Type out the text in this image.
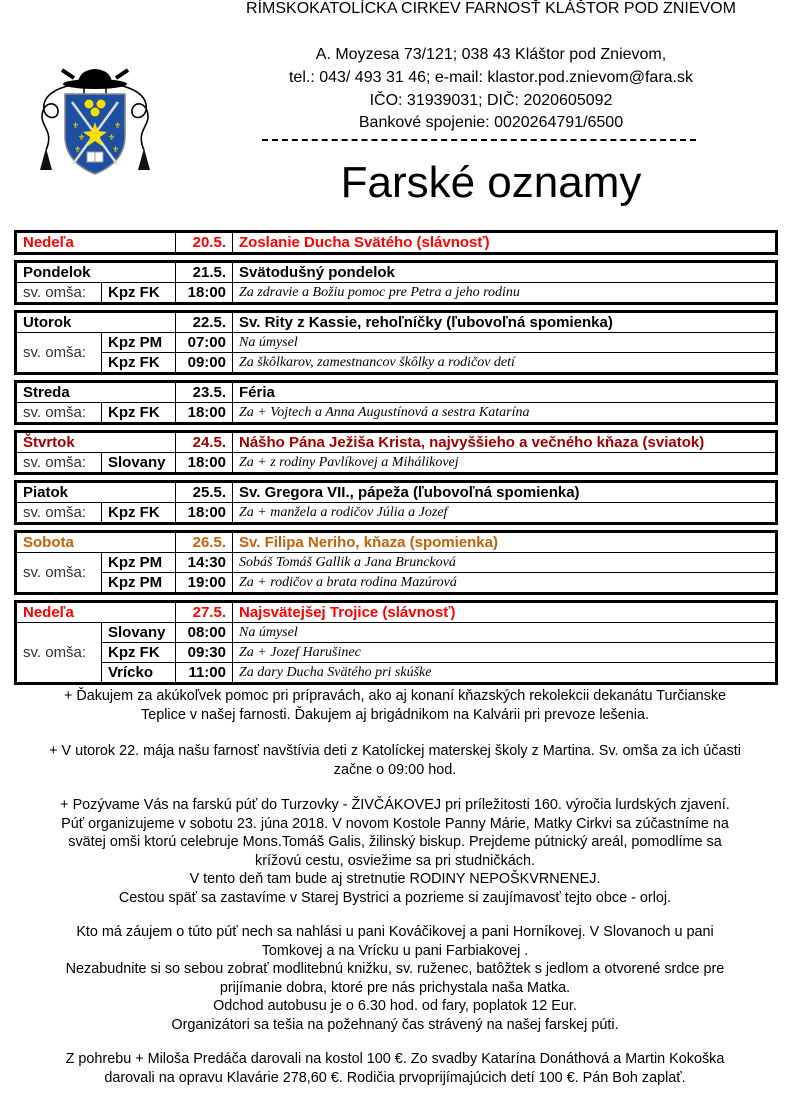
⚜	⚜
⚜	⚜
⚜	⚜
RÍMSKOKATOLÍCKA CIRKEV FARNOSŤ KLÁŠTOR POD ZNIEVOM
A. Moyzesa 73/121; 038 43 Kláštor pod Znievom,
tel.: 043/ 493 31 46; e-mail: klastor.pod.znievom@fara.sk
IČO: 31939031; DIČ: 2020605092
Bankové spojenie: 0020264791/6500
Farské oznamy
Nedeľa	20.5.	Zoslanie Ducha Svätého (slávnosť)
Pondelok		21.5.	Svätodušný pondelok
sv. omša:	Kpz FK	18:00	Za zdravie a Božiu pomoc pre Petra a jeho rodinu
Utorok		22.5.	Sv. Rity z Kassie, rehoľníčky (ľubovoľná spomienka)
sv. omša:	Kpz PM	07:00	Na úmysel
	Kpz FK	09:00	Za škôlkarov, zamestnancov škôlky a rodičov detí
Streda		23.5.	Féria
sv. omša:	Kpz FK	18:00	Za + Vojtech a Anna Augustínová a sestra Katarína
Štvrtok		24.5.	Nášho Pána Ježiša Krista, najvyššieho a večného kňaza (sviatok)
sv. omša:	Slovany	18:00	Za + z rodiny Pavlíkovej a Mihálikovej
Piatok		25.5.	Sv. Gregora VII., pápeža (ľubovoľná spomienka)
sv. omša:	Kpz FK	18:00	Za + manžela a rodičov Júlia a Jozef
Sobota		26.5.	Sv. Filipa Neriho, kňaza (spomienka)
sv. omša:	Kpz PM	14:30	Sobáš Tomáš Gallik a Jana Bruncková
	Kpz PM	19:00	Za + rodičov a brata rodina Mazúrová
Nedeľa		27.5.	Najsvätejšej Trojice (slávnosť)
sv. omša:	Slovany	08:00	Na úmysel
	Kpz FK	09:30	Za + Jozef Harušinec
	Vrícko	11:00	Za dary Ducha Svätého pri skúške

+ Ďakujem za akúkoľvek pomoc pri prípravách, ako aj konaní kňazských rekolekcii dekanátu Turčianske

Teplice v našej farnosti. Ďakujem aj brigádnikom na Kalvárii pri prevoze lešenia.

+ V utorok 22. mája našu farnosť navštívia deti z Katolíckej materskej školy z Martina. Sv. omša za ich účasti

začne o 09:00 hod.

+ Pozývame Vás na farskú púť do Turzovky - ŽIVČÁKOVEJ pri príležitosti 160. výročia lurdských zjavení.

Púť organizujeme v sobotu 23. júna 2018. V novom Kostole Panny Márie, Matky Cirkvi sa zúčastníme na

svätej omši ktorú celebruje Mons.Tomáš Galis, žilinský biskup. Prejdeme pútnický areál, pomodlíme sa

krížovú cestu, osviežime sa pri studničkách.

V tento deň tam bude aj stretnutie RODINY NEPOŠKVRNENEJ.

Cestou späť sa zastavíme v Starej Bystrici a pozrieme si zaujímavosť tejto obce - orloj.

Kto má záujem o túto púť nech sa nahlási u pani Kováčikovej a pani Horníkovej. V Slovanoch u pani

Tomkovej a na Vrícku u pani Farbiakovej .

Nezabudnite si so sebou zobrať modlitebnú knižku, sv. ruženec, batôžtek s jedlom a otvorené srdce pre

prijímanie dobra, ktoré pre nás prichystala naša Matka.

Odchod autobusu je o 6.30 hod. od fary, poplatok 12 Eur.

Organizátori sa tešia na požehnaný čas strávený na našej farskej púti.

Z pohrebu + Miloša Predáča darovali na kostol 100 €. Zo svadby Katarína Donáthová a Martin Kokoška

darovali na opravu Klavárie 278,60 €. Rodičia prvoprijímajúcich detí 100 €. Pán Boh zaplať.
